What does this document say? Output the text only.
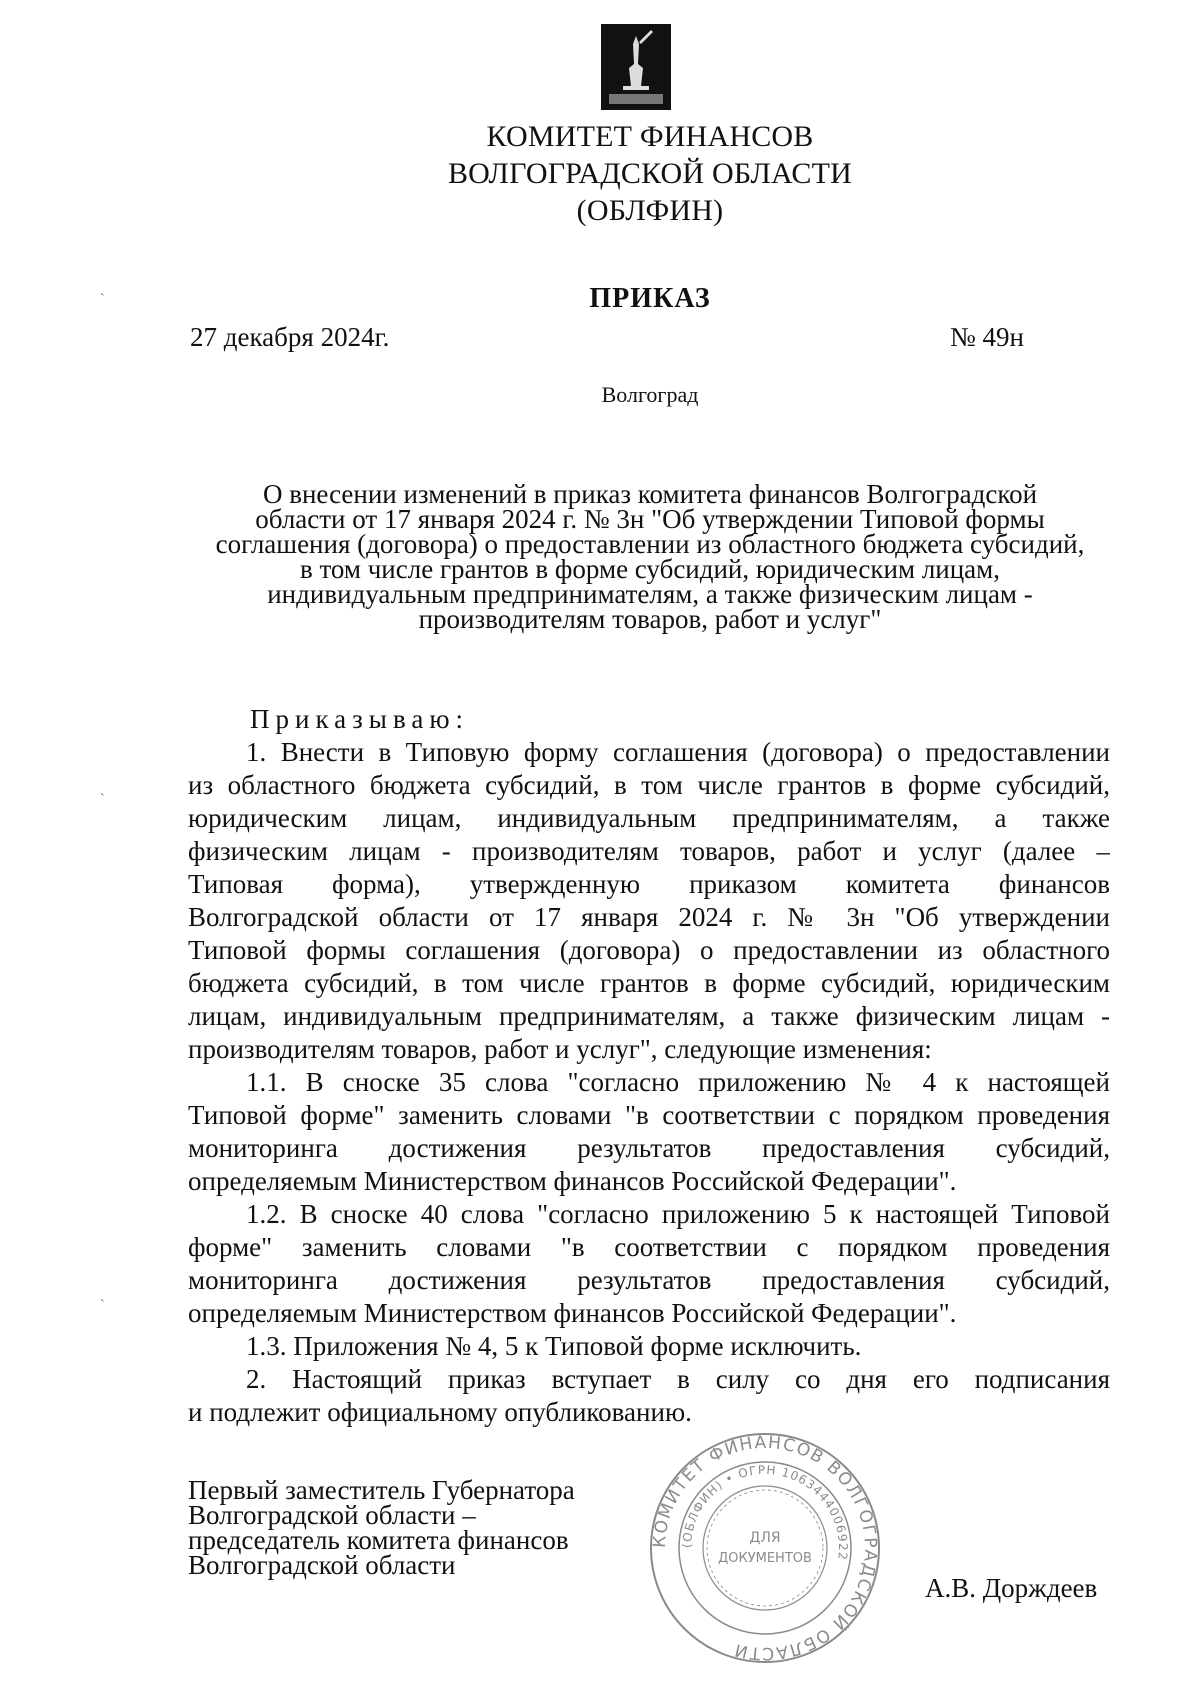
КОМИТЕТ ФИНАНСОВ
ВОЛГОГРАДСКОЙ ОБЛАСТИ
(ОБЛФИН)
ПРИКАЗ
27 декабря 2024г.	№ 49н
Волгоград
О внесении изменений в приказ комитета финансов Волгоградской
области от 17 января 2024 г. № 3н "Об утверждении Типовой формы
соглашения (договора) о предоставлении из областного бюджета субсидий,
в том числе грантов в форме субсидий, юридическим лицам,
индивидуальным предпринимателям, а также физическим лицам -
производителям товаров, работ и услуг"
Приказываю:
1. Внести в Типовую форму соглашения (договора) о предоставлении
из областного бюджета субсидий, в том числе грантов в форме субсидий,
юридическим лицам, индивидуальным предпринимателям, а также
физическим лицам - производителям товаров, работ и услуг (далее –
Типовая форма), утвержденную приказом комитета финансов
Волгоградской области от 17 января 2024 г. № 3н "Об утверждении
Типовой формы соглашения (договора) о предоставлении из областного
бюджета субсидий, в том числе грантов в форме субсидий, юридическим
лицам, индивидуальным предпринимателям, а также физическим лицам -
производителям товаров, работ и услуг", следующие изменения:
1.1. В сноске 35 слова "согласно приложению № 4 к настоящей
Типовой форме" заменить словами "в соответствии с порядком проведения
мониторинга достижения результатов предоставления субсидий,
определяемым Министерством финансов Российской Федерации".
1.2. В сноске 40 слова "согласно приложению 5 к настоящей Типовой
форме" заменить словами "в соответствии с порядком проведения
мониторинга достижения результатов предоставления субсидий,
определяемым Министерством финансов Российской Федерации".
1.3. Приложения № 4, 5 к Типовой форме исключить.
2. Настоящий приказ вступает в силу со дня его подписания
и подлежит официальному опубликованию.
Первый заместитель Губернатора
Волгоградской области –
председатель комитета финансов
Волгоградской области
А.В. Дорждеев
КОМИТЕТ ФИНАНСОВ ВОЛГОГРАДСКОЙ ОБЛАСТИ
(ОБЛФИН) • ОГРН 1063444006922
ДЛЯ
ДОКУМЕНТОВ
`
`
`
